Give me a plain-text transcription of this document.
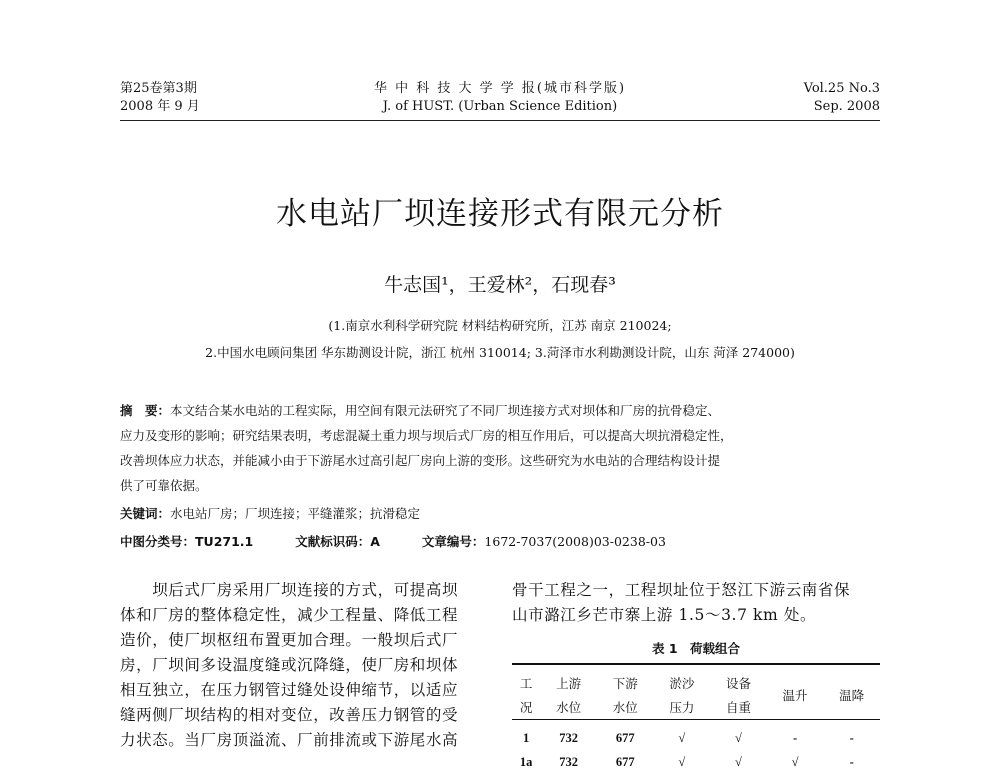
第25卷第3期
2008 年 9 月
华 中 科 技 大 学 学 报(城市科学版)
J. of HUST. (Urban Science Edition)
Vol.25 No.3
Sep. 2008
水电站厂坝连接形式有限元分析
牛志国¹，王爱林²，石现春³
(1.南京水利科学研究院 材料结构研究所，江苏 南京 210024;
2.中国水电顾问集团 华东勘测设计院，浙江 杭州 310014; 3.菏泽市水利勘测设计院，山东 菏泽 274000)
摘　要：本文结合某水电站的工程实际，用空间有限元法研究了不同厂坝连接方式对坝体和厂房的抗骨稳定、
应力及变形的影响；研究结果表明，考虑混凝土重力坝与坝后式厂房的相互作用后，可以提高大坝抗滑稳定性，
改善坝体应力状态，并能减小由于下游尾水过高引起厂房向上游的变形。这些研究为水电站的合理结构设计提
供了可靠依据。
关键词：水电站厂房；厂坝连接；平缝灌浆；抗滑稳定
中图分类号：TU271.1	文献标识码：A	文章编号：1672-7037(2008)03-0238-03
　　坝后式厂房采用厂坝连接的方式，可提高坝
体和厂房的整体稳定性，减少工程量、降低工程
造价，使厂坝枢纽布置更加合理。一般坝后式厂
房，厂坝间多设温度缝或沉降缝，使厂房和坝体
相互独立，在压力钢管过缝处设伸缩节，以适应
缝两侧厂坝结构的相对变位，改善压力钢管的受
力状态。当厂房顶溢流、厂前排流或下游尾水高
骨干工程之一，工程坝址位于怒江下游云南省保
山市潞江乡芒市寨上游 1.5～3.7 km 处。
表 1　荷载组合
工	上游	下游	淤沙	设备	温升	温降
况	水位	水位	压力	自重		
1	732	677	√	√	-	-
1a	732	677	√	√	√	-
